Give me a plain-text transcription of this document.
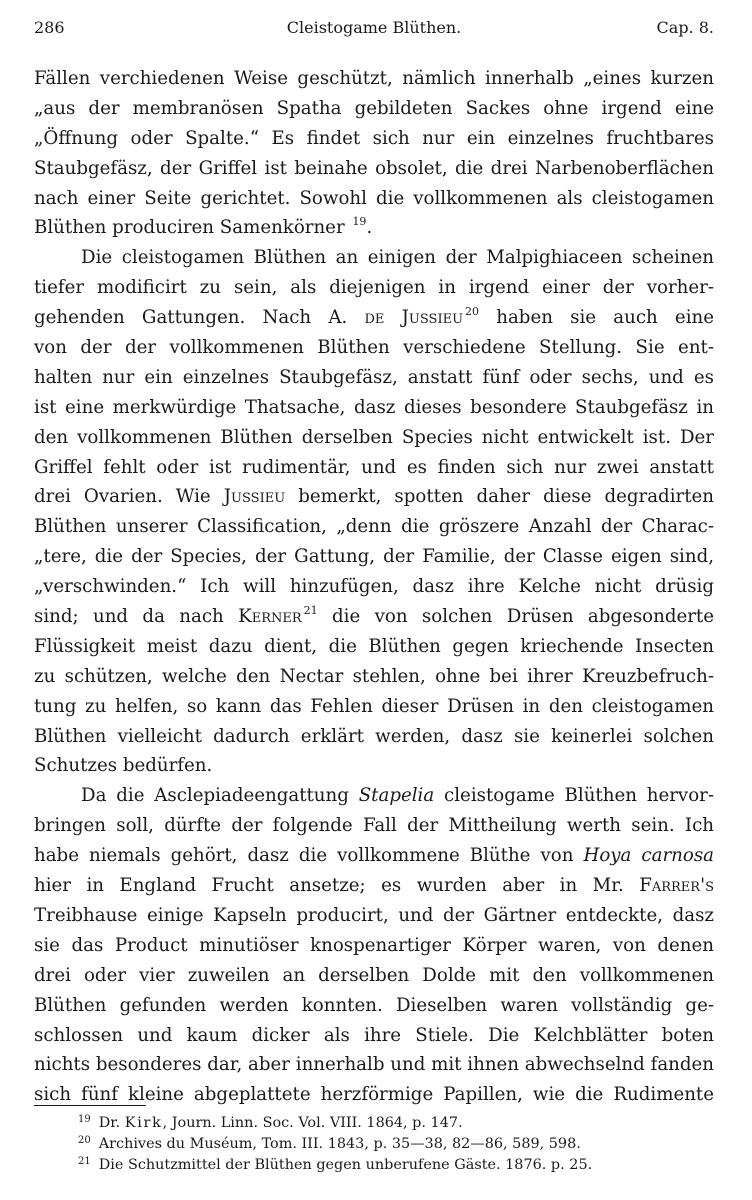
286	Cleistogame Blüthen.	Cap. 8.
Fällen verchiedenen Weise geschützt, nämlich innerhalb „eines kurzen
„aus der membranösen Spatha gebildeten Sackes ohne irgend eine
„Öffnung oder Spalte.“ Es findet sich nur ein einzelnes fruchtbares
Staubgefäsz, der Griffel ist beinahe obsolet, die drei Narbenoberflächen
nach einer Seite gerichtet. Sowohl die vollkommenen als cleistogamen
Blüthen produciren Samenkörner $^{19}$.
Die cleistogamen Blüthen an einigen der Malpighiaceen scheinen
tiefer modificirt zu sein, als diejenigen in irgend einer der vorher-
gehenden Gattungen. Nach A. de Jussieu $^{20}$ haben sie auch eine
von der der vollkommenen Blüthen verschiedene Stellung. Sie ent-
halten nur ein einzelnes Staubgefäsz, anstatt fünf oder sechs, und es
ist eine merkwürdige Thatsache, dasz dieses besondere Staubgefäsz in
den vollkommenen Blüthen derselben Species nicht entwickelt ist. Der
Griffel fehlt oder ist rudimentär, und es finden sich nur zwei anstatt
drei Ovarien. Wie Jussieu bemerkt, spotten daher diese degradirten
Blüthen unserer Classification, „denn die gröszere Anzahl der Charac-
„tere, die der Species, der Gattung, der Familie, der Classe eigen sind,
„verschwinden.“ Ich will hinzufügen, dasz ihre Kelche nicht drüsig
sind; und da nach Kerner $^{21}$ die von solchen Drüsen abgesonderte
Flüssigkeit meist dazu dient, die Blüthen gegen kriechende Insecten
zu schützen, welche den Nectar stehlen, ohne bei ihrer Kreuzbefruch-
tung zu helfen, so kann das Fehlen dieser Drüsen in den cleistogamen
Blüthen vielleicht dadurch erklärt werden, dasz sie keinerlei solchen
Schutzes bedürfen.
Da die Asclepiadeengattung Stapelia cleistogame Blüthen hervor-
bringen soll, dürfte der folgende Fall der Mittheilung werth sein. Ich
habe niemals gehört, dasz die vollkommene Blüthe von Hoya carnosa
hier in England Frucht ansetze; es wurden aber in Mr. Farrer's
Treibhause einige Kapseln producirt, und der Gärtner entdeckte, dasz
sie das Product minutiöser knospenartiger Körper waren, von denen
drei oder vier zuweilen an derselben Dolde mit den vollkommenen
Blüthen gefunden werden konnten. Dieselben waren vollständig ge-
schlossen und kaum dicker als ihre Stiele. Die Kelchblätter boten
nichts besonderes dar, aber innerhalb und mit ihnen abwechselnd fanden
sich fünf kleine abgeplattete herzförmige Papillen, wie die Rudimente
$^{19}$ Dr. Kirk, Journ. Linn. Soc. Vol. VIII. 1864, p. 147.
$^{20}$ Archives du Muséum, Tom. III. 1843, p. 35—38, 82—86, 589, 598.
$^{21}$ Die Schutzmittel der Blüthen gegen unberufene Gäste. 1876. p. 25.
